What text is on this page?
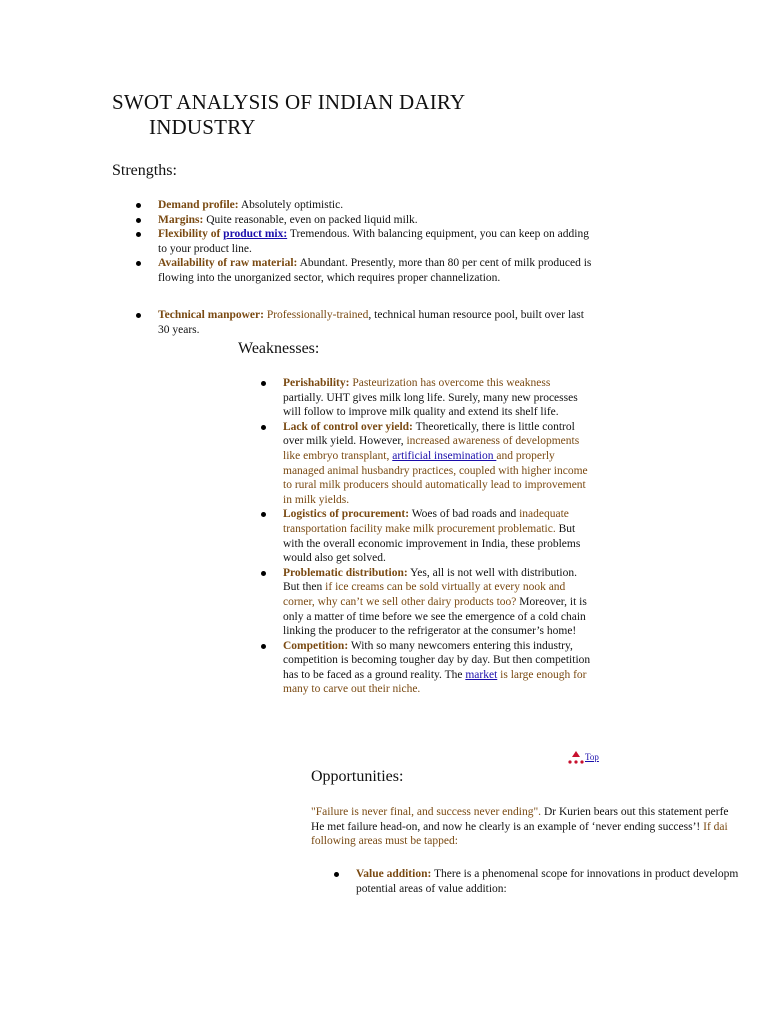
SWOT ANALYSIS OF INDIAN DAIRY
INDUSTRY
Strengths:
Demand profile: Absolutely optimistic.
Margins: Quite reasonable, even on packed liquid milk.
Flexibility of product mix: Tremendous. With balancing equipment, you can keep on adding to your product line.
Availability of raw material: Abundant. Presently, more than 80 per cent of milk produced is flowing into the unorganized sector, which requires proper channelization.
Technical manpower: Professionally-trained, technical human resource pool, built over last 30 years.
Weaknesses:
Perishability: Pasteurization has overcome this weakness partially. UHT gives milk long life. Surely, many new processes will follow to improve milk quality and extend its shelf life.
Lack of control over yield: Theoretically, there is little control over milk yield. However, increased awareness of developments like embryo transplant, artificial insemination and properly managed animal husbandry practices, coupled with higher income to rural milk producers should automatically lead to improvement in milk yields.
Logistics of procurement: Woes of bad roads and inadequate transportation facility make milk procurement problematic. But with the overall economic improvement in India, these problems would also get solved.
Problematic distribution: Yes, all is not well with distribution. But then if ice creams can be sold virtually at every nook and corner, why can’t we sell other dairy products too? Moreover, it is only a matter of time before we see the emergence of a cold chain linking the producer to the refrigerator at the consumer’s home!
Competition: With so many newcomers entering this industry, competition is becoming tougher day by day. But then competition has to be faced as a ground reality. The market is large enough for many to carve out their niche.
Top
Opportunities:

"Failure is never final, and success never ending". Dr Kurien bears out this statement perfe

He met failure head-on, and now he clearly is an example of ‘never ending success’! If dai

following areas must be tapped:

Value addition: There is a phenomenal scope for innovations in product developm
potential areas of value addition:
